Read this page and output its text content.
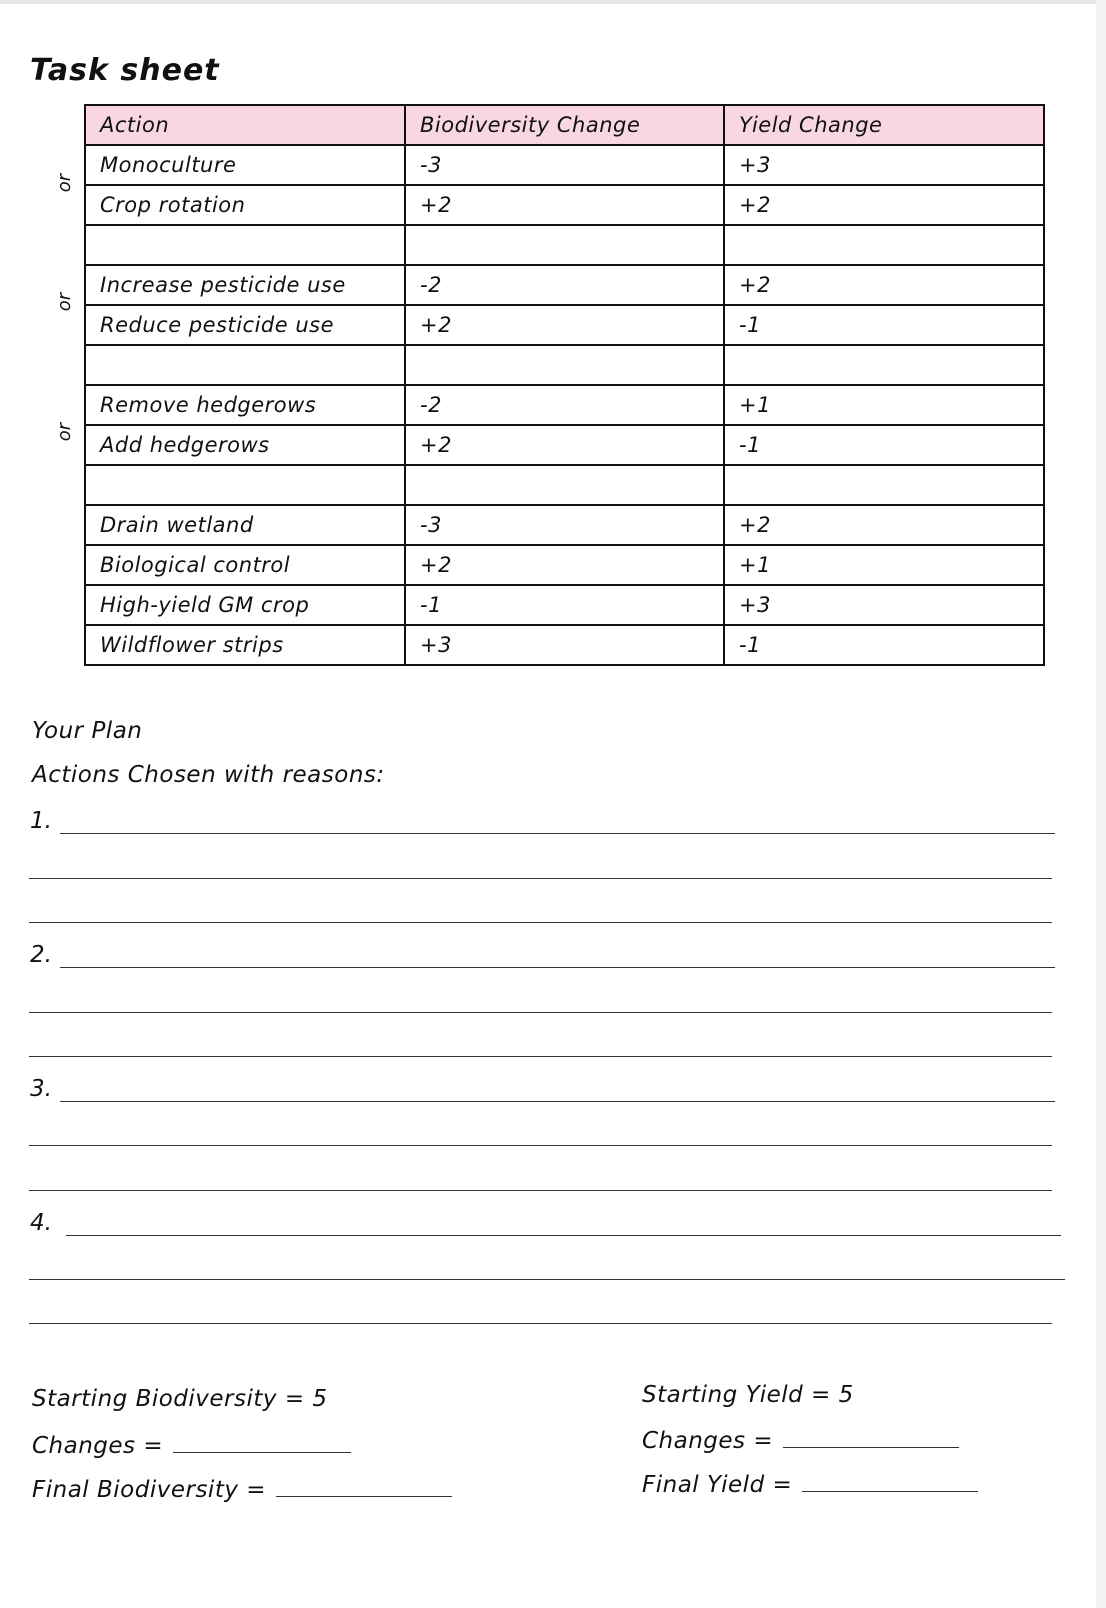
Task sheet
or
or
or
Action	Biodiversity Change	Yield Change
Monoculture	-3	+3
Crop rotation	+2	+2

Increase pesticide use	-2	+2
Reduce pesticide use	+2	-1

Remove hedgerows	-2	+1
Add hedgerows	+2	-1

Drain wetland	-3	+2
Biological control	+2	+1
High-yield GM crop	-1	+3
Wildflower strips	+3	-1
Your Plan
Actions Chosen with reasons:
1.
2.
3.
4.
Starting Biodiversity = 5
Changes =
Final Biodiversity =
Starting Yield = 5
Changes =
Final Yield =
